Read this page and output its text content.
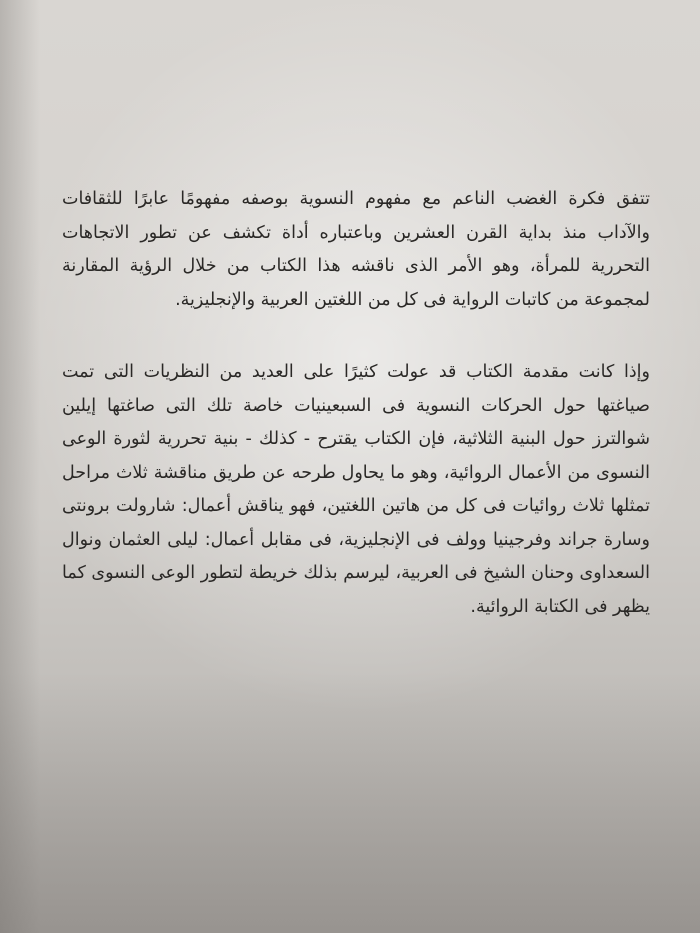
تتفق فكرة الغضب الناعم مع مفهوم النسوية بوصفه مفهومًا عابرًا للثقافات والآداب منذ بداية القرن العشرين وباعتباره أداة تكشف عن تطور الاتجاهات التحررية للمرأة، وهو الأمر الذى ناقشه هذا الكتاب من خلال الرؤية المقارنة لمجموعة من كاتبات الرواية فى كل من اللغتين العربية والإنجليزية.

وإذا كانت مقدمة الكتاب قد عولت كثيرًا على العديد من النظريات التى تمت صياغتها حول الحركات النسوية فى السبعينيات خاصة تلك التى صاغتها إيلين شوالترز حول البنية الثلاثية، فإن الكتاب يقترح - كذلك - بنية تحررية لثورة الوعى النسوى من الأعمال الروائية، وهو ما يحاول طرحه عن طريق مناقشة ثلاث مراحل تمثلها ثلاث روائيات فى كل من هاتين اللغتين، فهو يناقش أعمال: شارولت برونتى وسارة جراند وفرجينيا وولف فى الإنجليزية، فى مقابل أعمال: ليلى العثمان ونوال السعداوى وحنان الشيخ فى العربية، ليرسم بذلك خريطة لتطور الوعى النسوى كما يظهر فى الكتابة الروائية.
